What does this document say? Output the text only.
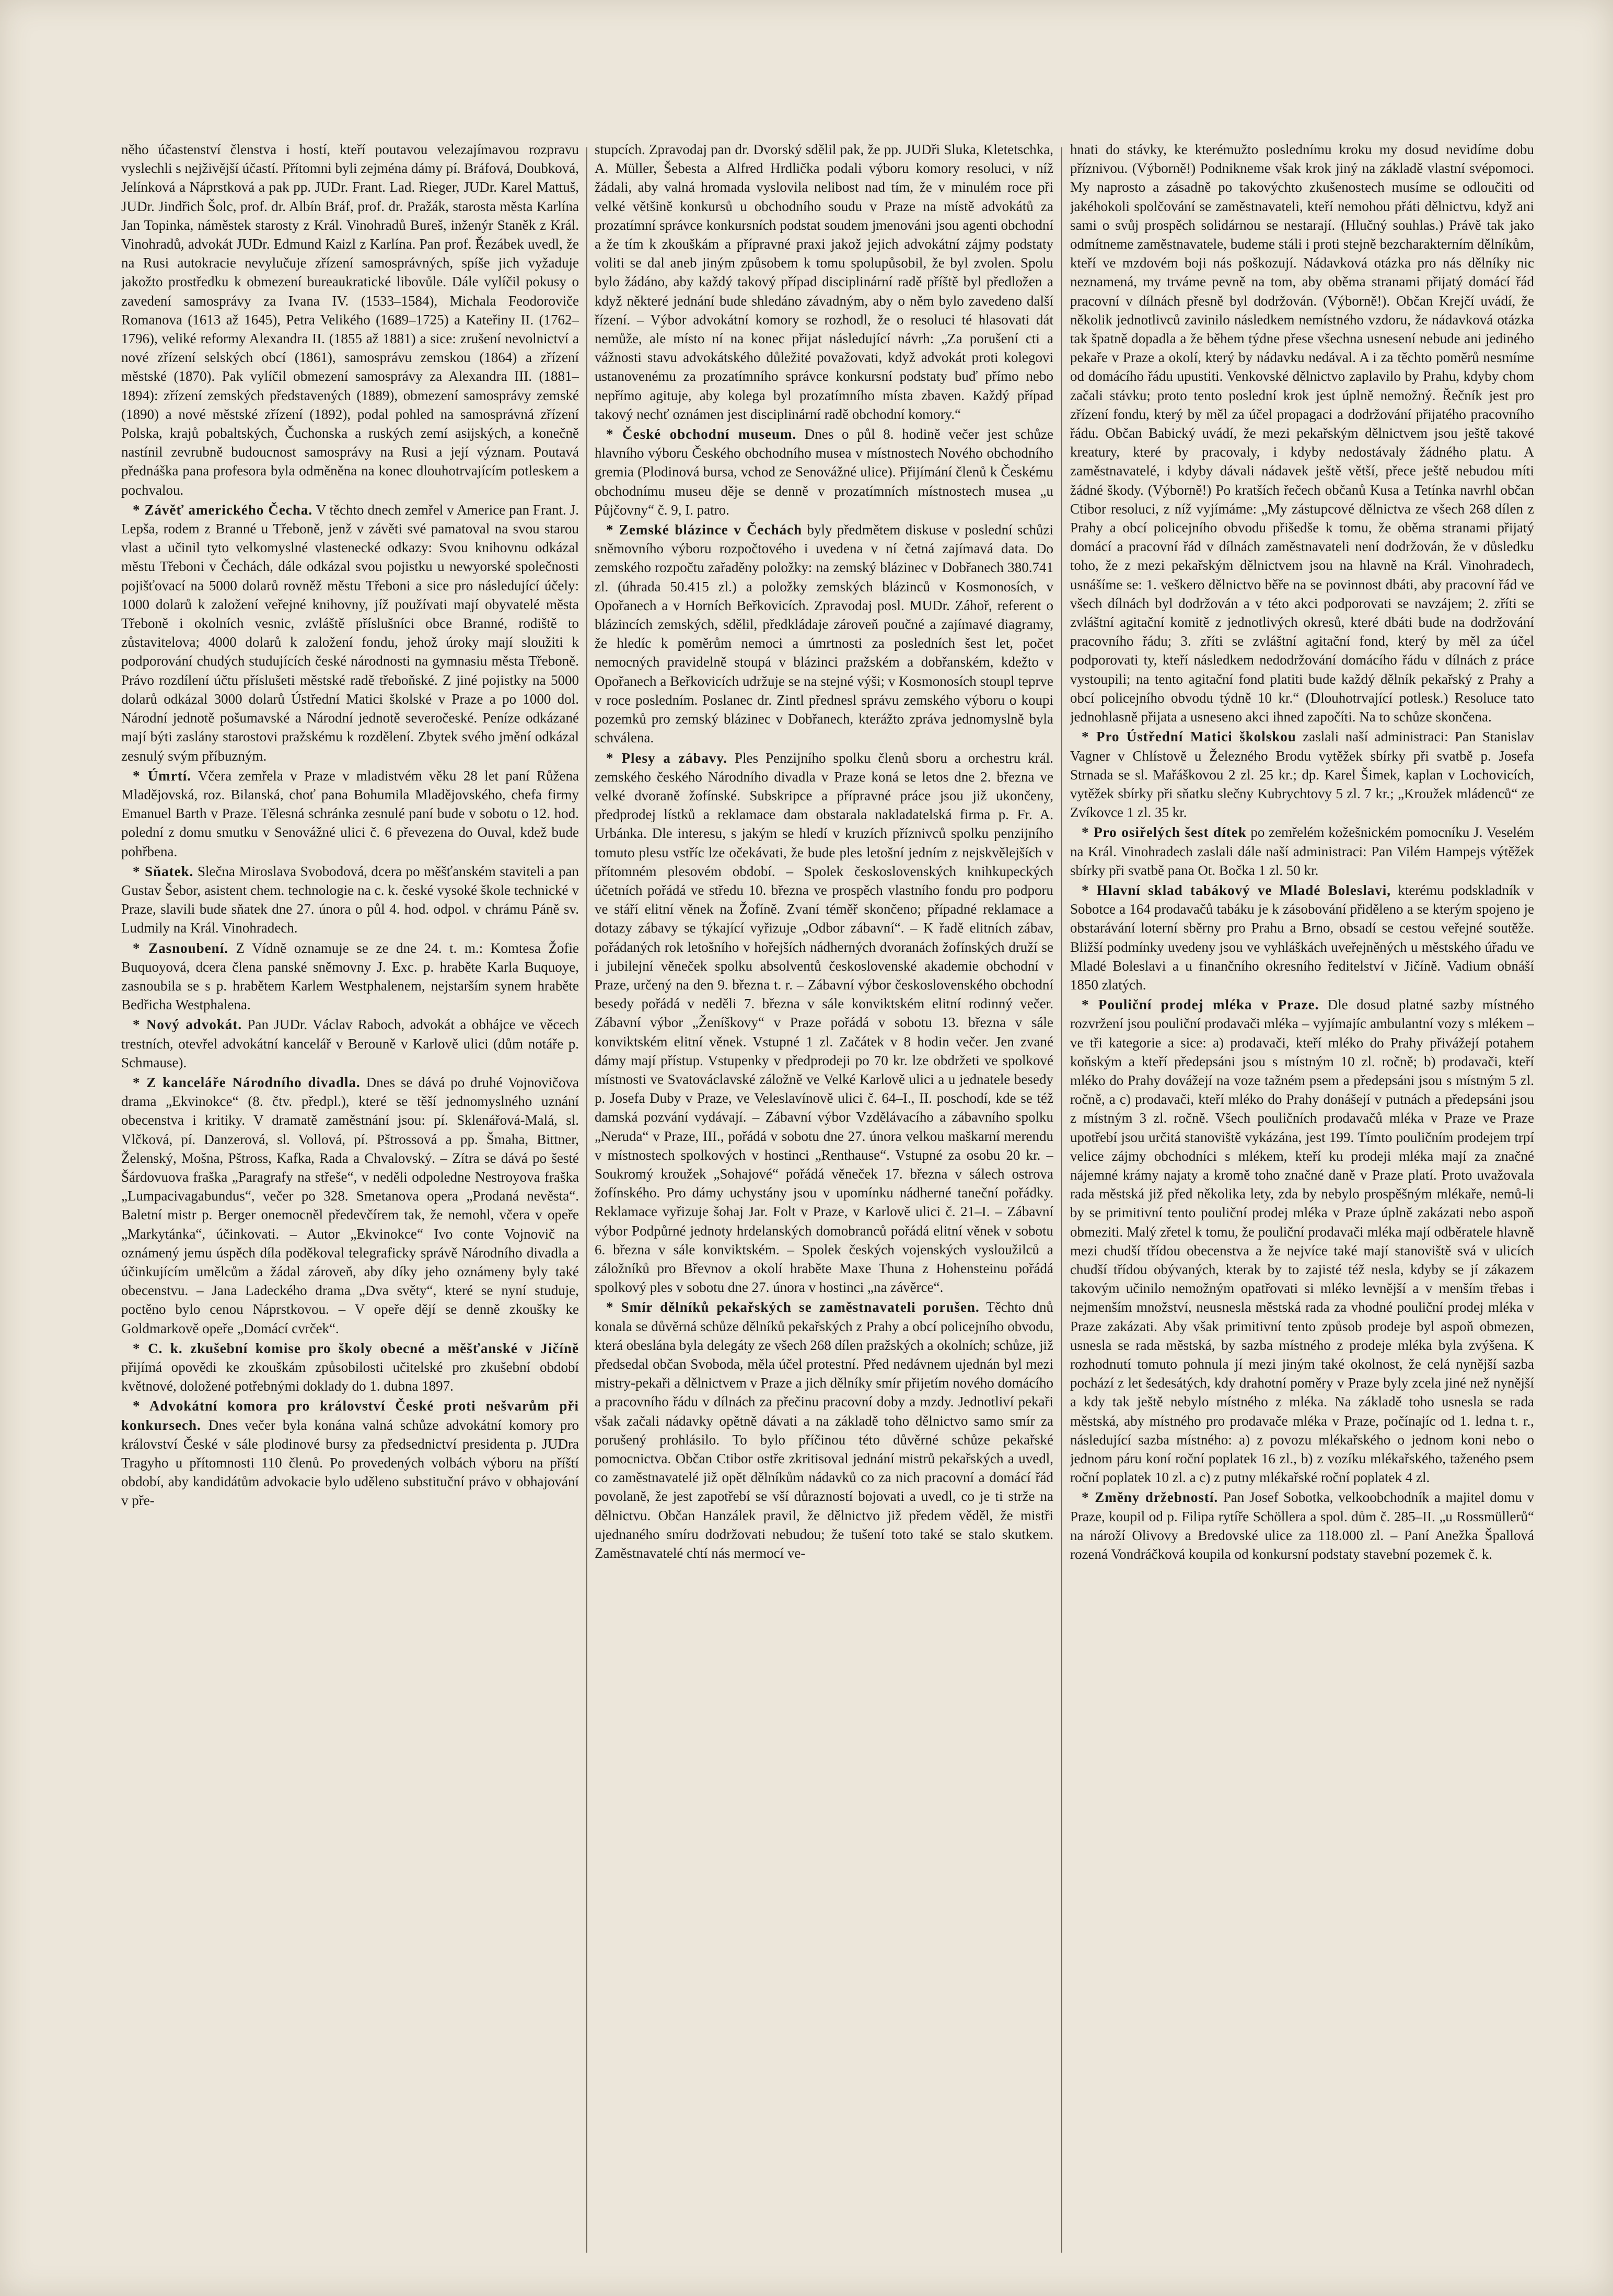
něho účastenství členstva i hostí, kteří poutavou velezajímavou rozpravu vyslechli s nejživější účastí. Přítomni byli zejména dámy pí. Bráfová, Doubková, Jelínková a Náprstková a pak pp. JUDr. Frant. Lad. Rieger, JUDr. Karel Mattuš, JUDr. Jindřich Šolc, prof. dr. Albín Bráf, prof. dr. Pražák, starosta města Karlína Jan Topinka, náměstek starosty z Král. Vinohradů Bureš, inženýr Staněk z Král. Vinohradů, advokát JUDr. Edmund Kaizl z Karlína. Pan prof. Řezábek uvedl, že na Rusi autokracie nevylučuje zřízení samosprávných, spíše jich vyžaduje jakožto prostředku k obmezení bureaukratické libovůle. Dále vylíčil pokusy o zavedení samosprávy za Ivana IV. (1533–1584), Michala Feodoroviče Romanova (1613 až 1645), Petra Velikého (1689–1725) a Kateřiny II. (1762–1796), veliké reformy Alexandra II. (1855 až 1881) a sice: zrušení nevolnictví a nové zřízení selských obcí (1861), samosprávu zemskou (1864) a zřízení městské (1870). Pak vylíčil obmezení samosprávy za Alexandra III. (1881–1894): zřízení zemských představených (1889), obmezení samosprávy zemské (1890) a nové městské zřízení (1892), podal pohled na samosprávná zřízení Polska, krajů pobaltských, Čuchonska a ruských zemí asijských, a konečně nastínil zevrubně budoucnost samosprávy na Rusi a její význam. Poutavá přednáška pana profesora byla odměněna na konec dlouhotrvajícím potleskem a pochvalou.

* Závěť amerického Čecha. V těchto dnech zemřel v Americe pan Frant. J. Lepša, rodem z Branné u Třeboně, jenž v závěti své pamatoval na svou starou vlast a učinil tyto velkomyslné vlastenecké odkazy: Svou knihovnu odkázal městu Třeboni v Čechách, dále odkázal svou pojistku u newyorské společnosti pojišťovací na 5000 dolarů rovněž městu Třeboni a sice pro následující účely: 1000 dolarů k založení veřejné knihovny, jíž používati mají obyvatelé města Třeboně i okolních vesnic, zvláště příslušníci obce Branné, rodiště to zůstavitelova; 4000 dolarů k založení fondu, jehož úroky mají sloužiti k podporování chudých studujících české národnosti na gymnasiu města Třeboně. Právo rozdílení účtu příslušeti městské radě třeboňské. Z jiné pojistky na 5000 dolarů odkázal 3000 dolarů Ústřední Matici školské v Praze a po 1000 dol. Národní jednotě pošumavské a Národní jednotě severočeské. Peníze odkázané mají býti zaslány starostovi pražskému k rozdělení. Zbytek svého jmění odkázal zesnulý svým příbuzným.

* Úmrtí. Včera zemřela v Praze v mladistvém věku 28 let paní Růžena Mladějovská, roz. Bilanská, choť pana Bohumila Mladějovského, chefa firmy Emanuel Barth v Praze. Tělesná schránka zesnulé paní bude v sobotu o 12. hod. polední z domu smutku v Senovážné ulici č. 6 převezena do Ouval, kdež bude pohřbena.

* Sňatek. Slečna Miroslava Svobodová, dcera po měšťanském staviteli a pan Gustav Šebor, asistent chem. technologie na c. k. české vysoké škole technické v Praze, slavili bude sňatek dne 27. února o půl 4. hod. odpol. v chrámu Páně sv. Ludmily na Král. Vinohradech.

* Zasnoubení. Z Vídně oznamuje se ze dne 24. t. m.: Komtesa Žofie Buquoyová, dcera člena panské sněmovny J. Exc. p. hraběte Karla Buquoye, zasnoubila se s p. hrabětem Karlem Westphalenem, nejstarším synem hraběte Bedřicha Westphalena.

* Nový advokát. Pan JUDr. Václav Raboch, advokát a obhájce ve věcech trestních, otevřel advokátní kancelář v Berouně v Karlově ulici (dům notáře p. Schmause).

* Z kanceláře Národního divadla. Dnes se dává po druhé Vojnovičova drama „Ekvinokce“ (8. čtv. předpl.), které se těší jednomyslného uznání obecenstva i kritiky. V dramatě zaměstnání jsou: pí. Sklenářová-Malá, sl. Vlčková, pí. Danzerová, sl. Vollová, pí. Pštrossová a pp. Šmaha, Bittner, Želenský, Mošna, Pštross, Kafka, Rada a Chvalovský. – Zítra se dává po šesté Šárdovuova fraška „Paragrafy na střeše“, v neděli odpoledne Nestroyova fraška „Lumpacivagabundus“, večer po 328. Smetanova opera „Prodaná nevěsta“. Baletní mistr p. Berger onemocněl předevčírem tak, že nemohl, včera v opeře „Markytánka“, účinkovati. – Autor „Ekvinokce“ Ivo conte Vojnovič na oznámený jemu úspěch díla poděkoval telegraficky správě Národního divadla a účinkujícím umělcům a žádal zároveň, aby díky jeho oznámeny byly také obecenstvu. – Jana Ladeckého drama „Dva světy“, které se nyní studuje, poctěno bylo cenou Náprstkovou. – V opeře dějí se denně zkoušky ke Goldmarkově opeře „Domácí cvrček“.

* C. k. zkušební komise pro školy obecné a měšťanské v Jičíně přijímá opovědi ke zkouškám způsobilosti učitelské pro zkušební období květnové, doložené potřebnými doklady do 1. dubna 1897.

* Advokátní komora pro království České proti nešvarům při konkursech. Dnes večer byla konána valná schůze advokátní komory pro království České v sále plodinové bursy za předsednictví presidenta p. JUDra Tragyho u přítomnosti 110 členů. Po provedených volbách výboru na příští období, aby kandidátům advokacie bylo uděleno substituční právo v obhajování v pře-

stupcích. Zpravodaj pan dr. Dvorský sdělil pak, že pp. JUDři Sluka, Kletetschka, A. Müller, Šebesta a Alfred Hrdlička podali výboru komory resoluci, v níž žádali, aby valná hromada vyslovila nelibost nad tím, že v minulém roce při velké většině konkursů u obchodního soudu v Praze na místě advokátů za prozatímní správce konkursních podstat soudem jmenováni jsou agenti obchodní a že tím k zkouškám a přípravné praxi jakož jejich advokátní zájmy podstaty voliti se dal aneb jiným způsobem k tomu spolupůsobil, že byl zvolen. Spolu bylo žádáno, aby každý takový případ disciplinární radě příště byl předložen a když některé jednání bude shledáno závadným, aby o něm bylo zavedeno další řízení. – Výbor advokátní komory se rozhodl, že o resoluci té hlasovati dát nemůže, ale místo ní na konec přijat následující návrh: „Za porušení cti a vážnosti stavu advokátského důležité považovati, když advokát proti kolegovi ustanovenému za prozatímního správce konkursní podstaty buď přímo nebo nepřímo agituje, aby kolega byl prozatímního místa zbaven. Každý případ takový nechť oznámen jest disciplinární radě obchodní komory.“

* České obchodní museum. Dnes o půl 8. hodině večer jest schůze hlavního výboru Českého obchodního musea v místnostech Nového obchodního gremia (Plodinová bursa, vchod ze Senovážné ulice). Přijímání členů k Českému obchodnímu museu děje se denně v prozatímních místnostech musea „u Půjčovny“ č. 9, I. patro.

* Zemské blázince v Čechách byly předmětem diskuse v poslední schůzi sněmovního výboru rozpočtového i uvedena v ní četná zajímavá data. Do zemského rozpočtu zařaděny položky: na zemský blázinec v Dobřanech 380.741 zl. (úhrada 50.415 zl.) a položky zemských blázinců v Kosmonosích, v Opořanech a v Horních Beřkovicích. Zpravodaj posl. MUDr. Záhoř, referent o blázincích zemských, sdělil, předkládaje zároveň poučné a zajímavé diagramy, že hledíc k poměrům nemoci a úmrtnosti za posledních šest let, počet nemocných pravidelně stoupá v blázinci pražském a dobřanském, kdežto v Opořanech a Beřkovicích udržuje se na stejné výši; v Kosmonosích stoupl teprve v roce posledním. Poslanec dr. Zintl přednesl správu zemského výboru o koupi pozemků pro zemský blázinec v Dobřanech, kterážto zpráva jednomyslně byla schválena.

* Plesy a zábavy. Ples Penzijního spolku členů sboru a orchestru král. zemského českého Národního divadla v Praze koná se letos dne 2. března ve velké dvoraně žofínské. Subskripce a přípravné práce jsou již ukončeny, předprodej lístků a reklamace dam obstarala nakladatelská firma p. Fr. A. Urbánka. Dle interesu, s jakým se hledí v kruzích příznivců spolku penzijního tomuto plesu vstříc lze očekávati, že bude ples letošní jedním z nejskvělejších v přítomném plesovém období. – Spolek československých knihkupeckých účetních pořádá ve středu 10. března ve prospěch vlastního fondu pro podporu ve stáří elitní věnek na Žofíně. Zvaní téměř skončeno; případné reklamace a dotazy zábavy se týkající vyřizuje „Odbor zábavní“. – K řadě elitních zábav, pořádaných rok letošního v hořejších nádherných dvoranách žofínských druží se i jubilejní věneček spolku absolventů československé akademie obchodní v Praze, určený na den 9. března t. r. – Zábavní výbor československého obchodní besedy pořádá v neděli 7. března v sále konviktském elitní rodinný večer. Zábavní výbor „Ženíškovy“ v Praze pořádá v sobotu 13. března v sále konviktském elitní věnek. Vstupné 1 zl. Začátek v 8 hodin večer. Jen zvané dámy mají přístup. Vstupenky v předprodeji po 70 kr. lze obdržeti ve spolkové místnosti ve Svatováclavské záložně ve Velké Karlově ulici a u jednatele besedy p. Josefa Duby v Praze, ve Veleslavínově ulici č. 64–I., II. poschodí, kde se též damská pozvání vydávají. – Zábavní výbor Vzdělávacího a zábavního spolku „Neruda“ v Praze, III., pořádá v sobotu dne 27. února velkou maškarní merendu v místnostech spolkových v hostinci „Renthause“. Vstupné za osobu 20 kr. – Soukromý kroužek „Sohajové“ pořádá věneček 17. března v sálech ostrova žofínského. Pro dámy uchystány jsou v upomínku nádherné taneční pořádky. Reklamace vyřizuje šohaj Jar. Folt v Praze, v Karlově ulici č. 21–I. – Zábavní výbor Podpůrné jednoty hrdelanských domobranců pořádá elitní věnek v sobotu 6. března v sále konviktském. – Spolek českých vojenských vysloužilců a záložníků pro Břevnov a okolí hraběte Maxe Thuna z Hohensteinu pořádá spolkový ples v sobotu dne 27. února v hostinci „na závěrce“.

* Smír dělníků pekařských se zaměstnavateli porušen. Těchto dnů konala se důvěrná schůze dělníků pekařských z Prahy a obcí policejního obvodu, která obeslána byla delegáty ze všech 268 dílen pražských a okolních; schůze, již předsedal občan Svoboda, měla účel protestní. Před nedávnem ujednán byl mezi mistry-pekaři a dělnictvem v Praze a jich dělníky smír přijetím nového domácího a pracovního řádu v dílnách za přečinu pracovní doby a mzdy. Jednotliví pekaři však začali nádavky opětně dávati a na základě toho dělnictvo samo smír za porušený prohlásilo. To bylo příčinou této důvěrné schůze pekařské pomocnictva. Občan Ctibor ostře zkritisoval jednání mistrů pekařských a uvedl, co zaměstnavatelé již opět dělníkům nádavků co za nich pracovní a domácí řád povolaně, že jest zapotřebí se vší důrazností bojovati a uvedl, co je ti strže na dělnictvu. Občan Hanzálek pravil, že dělnictvo již předem věděl, že mistři ujednaného smíru dodržovati nebudou; že tušení toto také se stalo skutkem. Zaměstnavatelé chtí nás mermocí ve-

hnati do stávky, ke kterémužto poslednímu kroku my dosud nevidíme dobu příznivou. (Výborně!) Podnikneme však krok jiný na základě vlastní svépomoci. My naprosto a zásadně po takovýchto zkušenostech musíme se odloučiti od jakéhokoli spolčování se zaměstnavateli, kteří nemohou přáti dělnictvu, když ani sami o svůj prospěch solidárnou se nestarají. (Hlučný souhlas.) Právě tak jako odmítneme zaměstnavatele, budeme stáli i proti stejně bezcharakterním dělníkům, kteří ve mzdovém boji nás poškozují. Nádavková otázka pro nás dělníky nic neznamená, my trváme pevně na tom, aby oběma stranami přijatý domácí řád pracovní v dílnách přesně byl dodržován. (Výborně!). Občan Krejčí uvádí, že několik jednotlivců zavinilo následkem nemístného vzdoru, že nádavková otázka tak špatně dopadla a že během týdne přese všechna usnesení nebude ani jediného pekaře v Praze a okolí, který by nádavku nedával. A i za těchto poměrů nesmíme od domácího řádu upustiti. Venkovské dělnictvo zaplavilo by Prahu, kdyby chom začali stávku; proto tento poslední krok jest úplně nemožný. Řečník jest pro zřízení fondu, který by měl za účel propagaci a dodržování přijatého pracovního řádu. Občan Babický uvádí, že mezi pekařským dělnictvem jsou ještě takové kreatury, které by pracovaly, i kdyby nedostávaly žádného platu. A zaměstnavatelé, i kdyby dávali nádavek ještě větší, přece ještě nebudou míti žádné škody. (Výborně!) Po kratších řečech občanů Kusa a Tetínka navrhl občan Ctibor resoluci, z níž vyjímáme: „My zástupcové dělnictva ze všech 268 dílen z Prahy a obcí policejního obvodu přišedše k tomu, že oběma stranami přijatý domácí a pracovní řád v dílnách zaměstnavateli není dodržován, že v důsledku toho, že z mezi pekařským dělnictvem jsou na hlavně na Král. Vinohradech, usnášíme se: 1. veškero dělnictvo běře na se povinnost dbáti, aby pracovní řád ve všech dílnách byl dodržován a v této akci podporovati se navzájem; 2. zříti se zvláštní agitační komitě z jednotlivých okresů, které dbáti bude na dodržování pracovního řádu; 3. zříti se zvláštní agitační fond, který by měl za účel podporovati ty, kteří následkem nedodržování domácího řádu v dílnách z práce vystoupili; na tento agitační fond platiti bude každý dělník pekařský z Prahy a obcí policejního obvodu týdně 10 kr.“ (Dlouhotrvající potlesk.) Resoluce tato jednohlasně přijata a usneseno akci ihned započíti. Na to schůze skončena.

* Pro Ústřední Matici školskou zaslali naší administraci: Pan Stanislav Vagner v Chlístově u Železného Brodu vytěžek sbírky při svatbě p. Josefa Strnada se sl. Mařáškovou 2 zl. 25 kr.; dp. Karel Šimek, kaplan v Lochovicích, vytěžek sbírky při sňatku slečny Kubrychtovy 5 zl. 7 kr.; „Kroužek mládenců“ ze Zvíkovce 1 zl. 35 kr.

* Pro osiřelých šest dítek po zemřelém kožešnickém pomocníku J. Veselém na Král. Vinohradech zaslali dále naší administraci: Pan Vilém Hampejs výtěžek sbírky při svatbě pana Ot. Bočka 1 zl. 50 kr.

* Hlavní sklad tabákový ve Mladé Boleslavi, kterému podskladník v Sobotce a 164 prodavačů tabáku je k zásobování přiděleno a se kterým spojeno je obstarávání loterní sběrny pro Prahu a Brno, obsadí se cestou veřejné soutěže. Bližší podmínky uvedeny jsou ve vyhláškách uveřejněných u městského úřadu ve Mladé Boleslavi a u finančního okresního ředitelství v Jičíně. Vadium obnáší 1850 zlatých.

* Pouliční prodej mléka v Praze. Dle dosud platné sazby místného rozvržení jsou pouliční prodavači mléka – vyjímajíc ambulantní vozy s mlékem – ve tři kategorie a sice: a) prodavači, kteří mléko do Prahy přivážejí potahem koňským a kteří předepsáni jsou s místným 10 zl. ročně; b) prodavači, kteří mléko do Prahy dovážejí na voze tažném psem a předepsáni jsou s místným 5 zl. ročně, a c) prodavači, kteří mléko do Prahy donášejí v putnách a předepsáni jsou z místným 3 zl. ročně. Všech pouličních prodavačů mléka v Praze ve Praze upotřebí jsou určitá stanoviště vykázána, jest 199. Tímto pouličním prodejem trpí velice zájmy obchodníci s mlékem, kteří ku prodeji mléka mají za značné nájemné krámy najaty a kromě toho značné daně v Praze platí. Proto uvažovala rada městská již před několika lety, zda by nebylo prospěšným mlékaře, nemů-li by se primitivní tento pouliční prodej mléka v Praze úplně zakázati nebo aspoň obmeziti. Malý zřetel k tomu, že pouliční prodavači mléka mají odběratele hlavně mezi chudší třídou obecenstva a že nejvíce také mají stanoviště svá v ulicích chudší třídou obývaných, kterak by to zajisté též nesla, kdyby se jí zákazem takovým učinilo nemožným opatřovati si mléko levnější a v menším třebas i nejmenším množství, neusnesla městská rada za vhodné pouliční prodej mléka v Praze zakázati. Aby však primitivní tento způsob prodeje byl aspoň obmezen, usnesla se rada městská, by sazba místného z prodeje mléka byla zvýšena. K rozhodnutí tomuto pohnula jí mezi jiným také okolnost, že celá nynější sazba pochází z let šedesátých, kdy drahotní poměry v Praze byly zcela jiné než nynější a kdy tak ještě nebylo místného z mléka. Na základě toho usnesla se rada městská, aby místného pro prodavače mléka v Praze, počínajíc od 1. ledna t. r., následující sazba místného: a) z povozu mlékařského o jednom koni nebo o jednom páru koní roční poplatek 16 zl., b) z vozíku mlékařského, taženého psem roční poplatek 10 zl. a c) z putny mlékařské roční poplatek 4 zl.

* Změny držebností. Pan Josef Sobotka, velkoobchodník a majitel domu v Praze, koupil od p. Filipa rytíře Schöllera a spol. dům č. 285–II. „u Rossmüllerů“ na nároží Olivovy a Bredovské ulice za 118.000 zl. – Paní Anežka Špallová rozená Vondráčková koupila od konkursní podstaty stavební pozemek č. k.
